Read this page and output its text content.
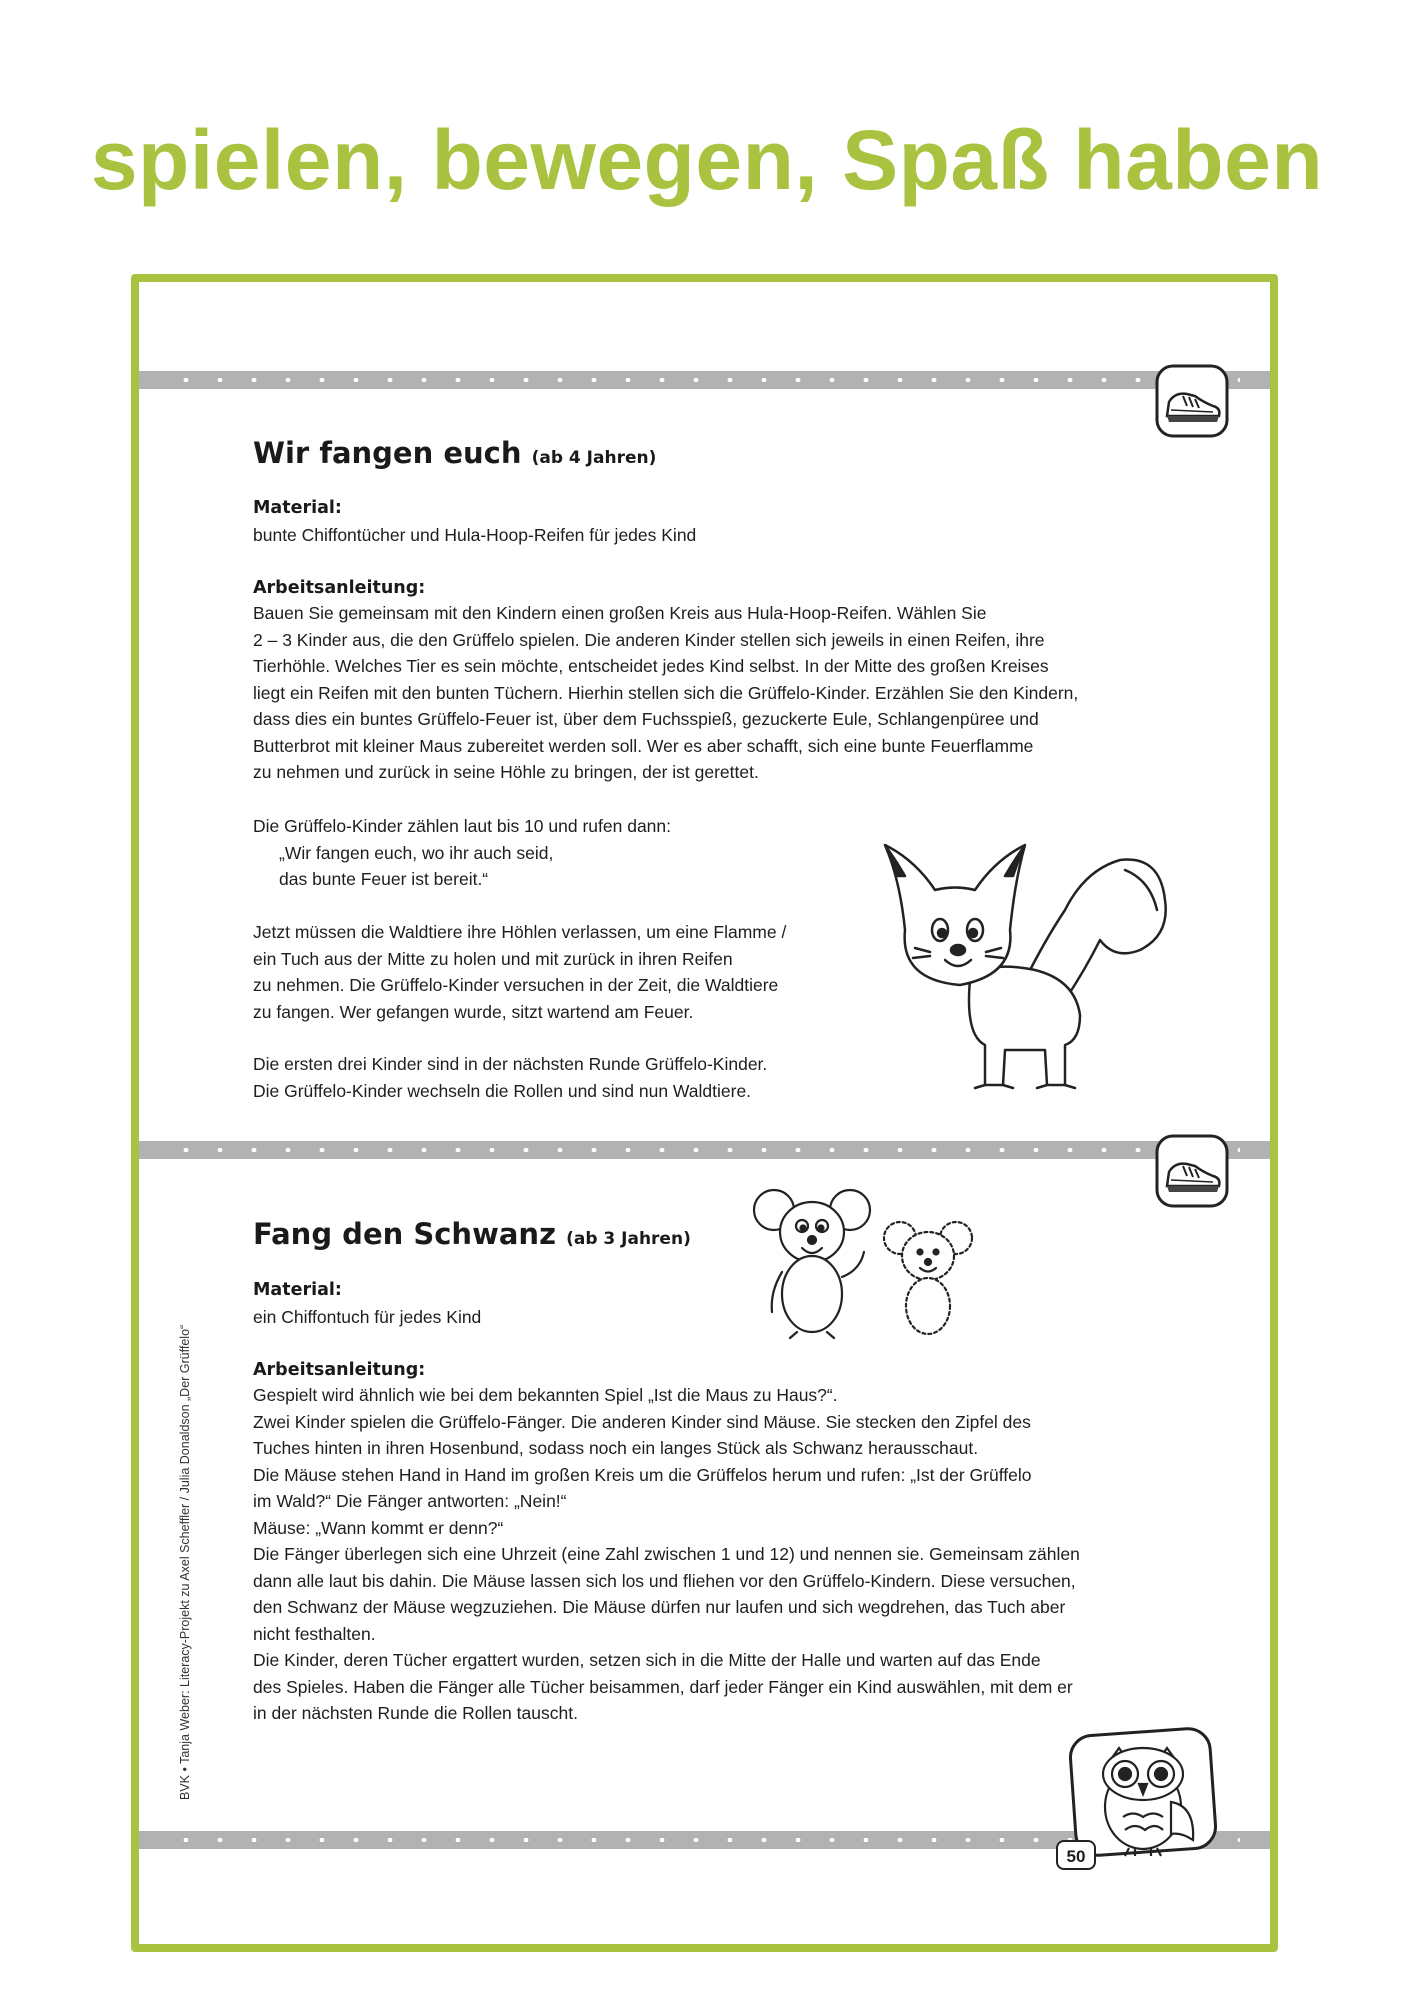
spielen, bewegen, Spaß haben
Wir fangen euch (ab 4 Jahren)
Material:
bunte Chiffontücher und Hula-Hoop-Reifen für jedes Kind
Arbeitsanleitung:
Bauen Sie gemeinsam mit den Kindern einen großen Kreis aus Hula-Hoop-Reifen. Wählen Sie
2 – 3 Kinder aus, die den Grüffelo spielen. Die anderen Kinder stellen sich jeweils in einen Reifen, ihre
Tierhöhle. Welches Tier es sein möchte, entscheidet jedes Kind selbst. In der Mitte des großen Kreises
liegt ein Reifen mit den bunten Tüchern. Hierhin stellen sich die Grüffelo-Kinder. Erzählen Sie den Kindern,
dass dies ein buntes Grüffelo-Feuer ist, über dem Fuchsspieß, gezuckerte Eule, Schlangenpüree und
Butterbrot mit kleiner Maus zubereitet werden soll. Wer es aber schafft, sich eine bunte Feuerflamme
zu nehmen und zurück in seine Höhle zu bringen, der ist gerettet.
Die Grüffelo-Kinder zählen laut bis 10 und rufen dann:
„Wir fangen euch, wo ihr auch seid,
das bunte Feuer ist bereit.“
Jetzt müssen die Waldtiere ihre Höhlen verlassen, um eine Flamme /
ein Tuch aus der Mitte zu holen und mit zurück in ihren Reifen
zu nehmen. Die Grüffelo-Kinder versuchen in der Zeit, die Waldtiere
zu fangen. Wer gefangen wurde, sitzt wartend am Feuer.
Die ersten drei Kinder sind in der nächsten Runde Grüffelo-Kinder.
Die Grüffelo-Kinder wechseln die Rollen und sind nun Waldtiere.
Fang den Schwanz (ab 3 Jahren)
Material:
ein Chiffontuch für jedes Kind
Arbeitsanleitung:
Gespielt wird ähnlich wie bei dem bekannten Spiel „Ist die Maus zu Haus?“.
Zwei Kinder spielen die Grüffelo-Fänger. Die anderen Kinder sind Mäuse. Sie stecken den Zipfel des
Tuches hinten in ihren Hosenbund, sodass noch ein langes Stück als Schwanz herausschaut.
Die Mäuse stehen Hand in Hand im großen Kreis um die Grüffelos herum und rufen: „Ist der Grüffelo
im Wald?“ Die Fänger antworten: „Nein!“
Mäuse: „Wann kommt er denn?“
Die Fänger überlegen sich eine Uhrzeit (eine Zahl zwischen 1 und 12) und nennen sie. Gemeinsam zählen
dann alle laut bis dahin. Die Mäuse lassen sich los und fliehen vor den Grüffelo-Kindern. Diese versuchen,
den Schwanz der Mäuse wegzuziehen. Die Mäuse dürfen nur laufen und sich wegdrehen, das Tuch aber
nicht festhalten.
Die Kinder, deren Tücher ergattert wurden, setzen sich in die Mitte der Halle und warten auf das Ende
des Spieles. Haben die Fänger alle Tücher beisammen, darf jeder Fänger ein Kind auswählen, mit dem er
in der nächsten Runde die Rollen tauscht.
50
BVK • Tanja Weber: Literacy-Projekt zu Axel Scheffler / Julia Donaldson „Der Grüffelo“
